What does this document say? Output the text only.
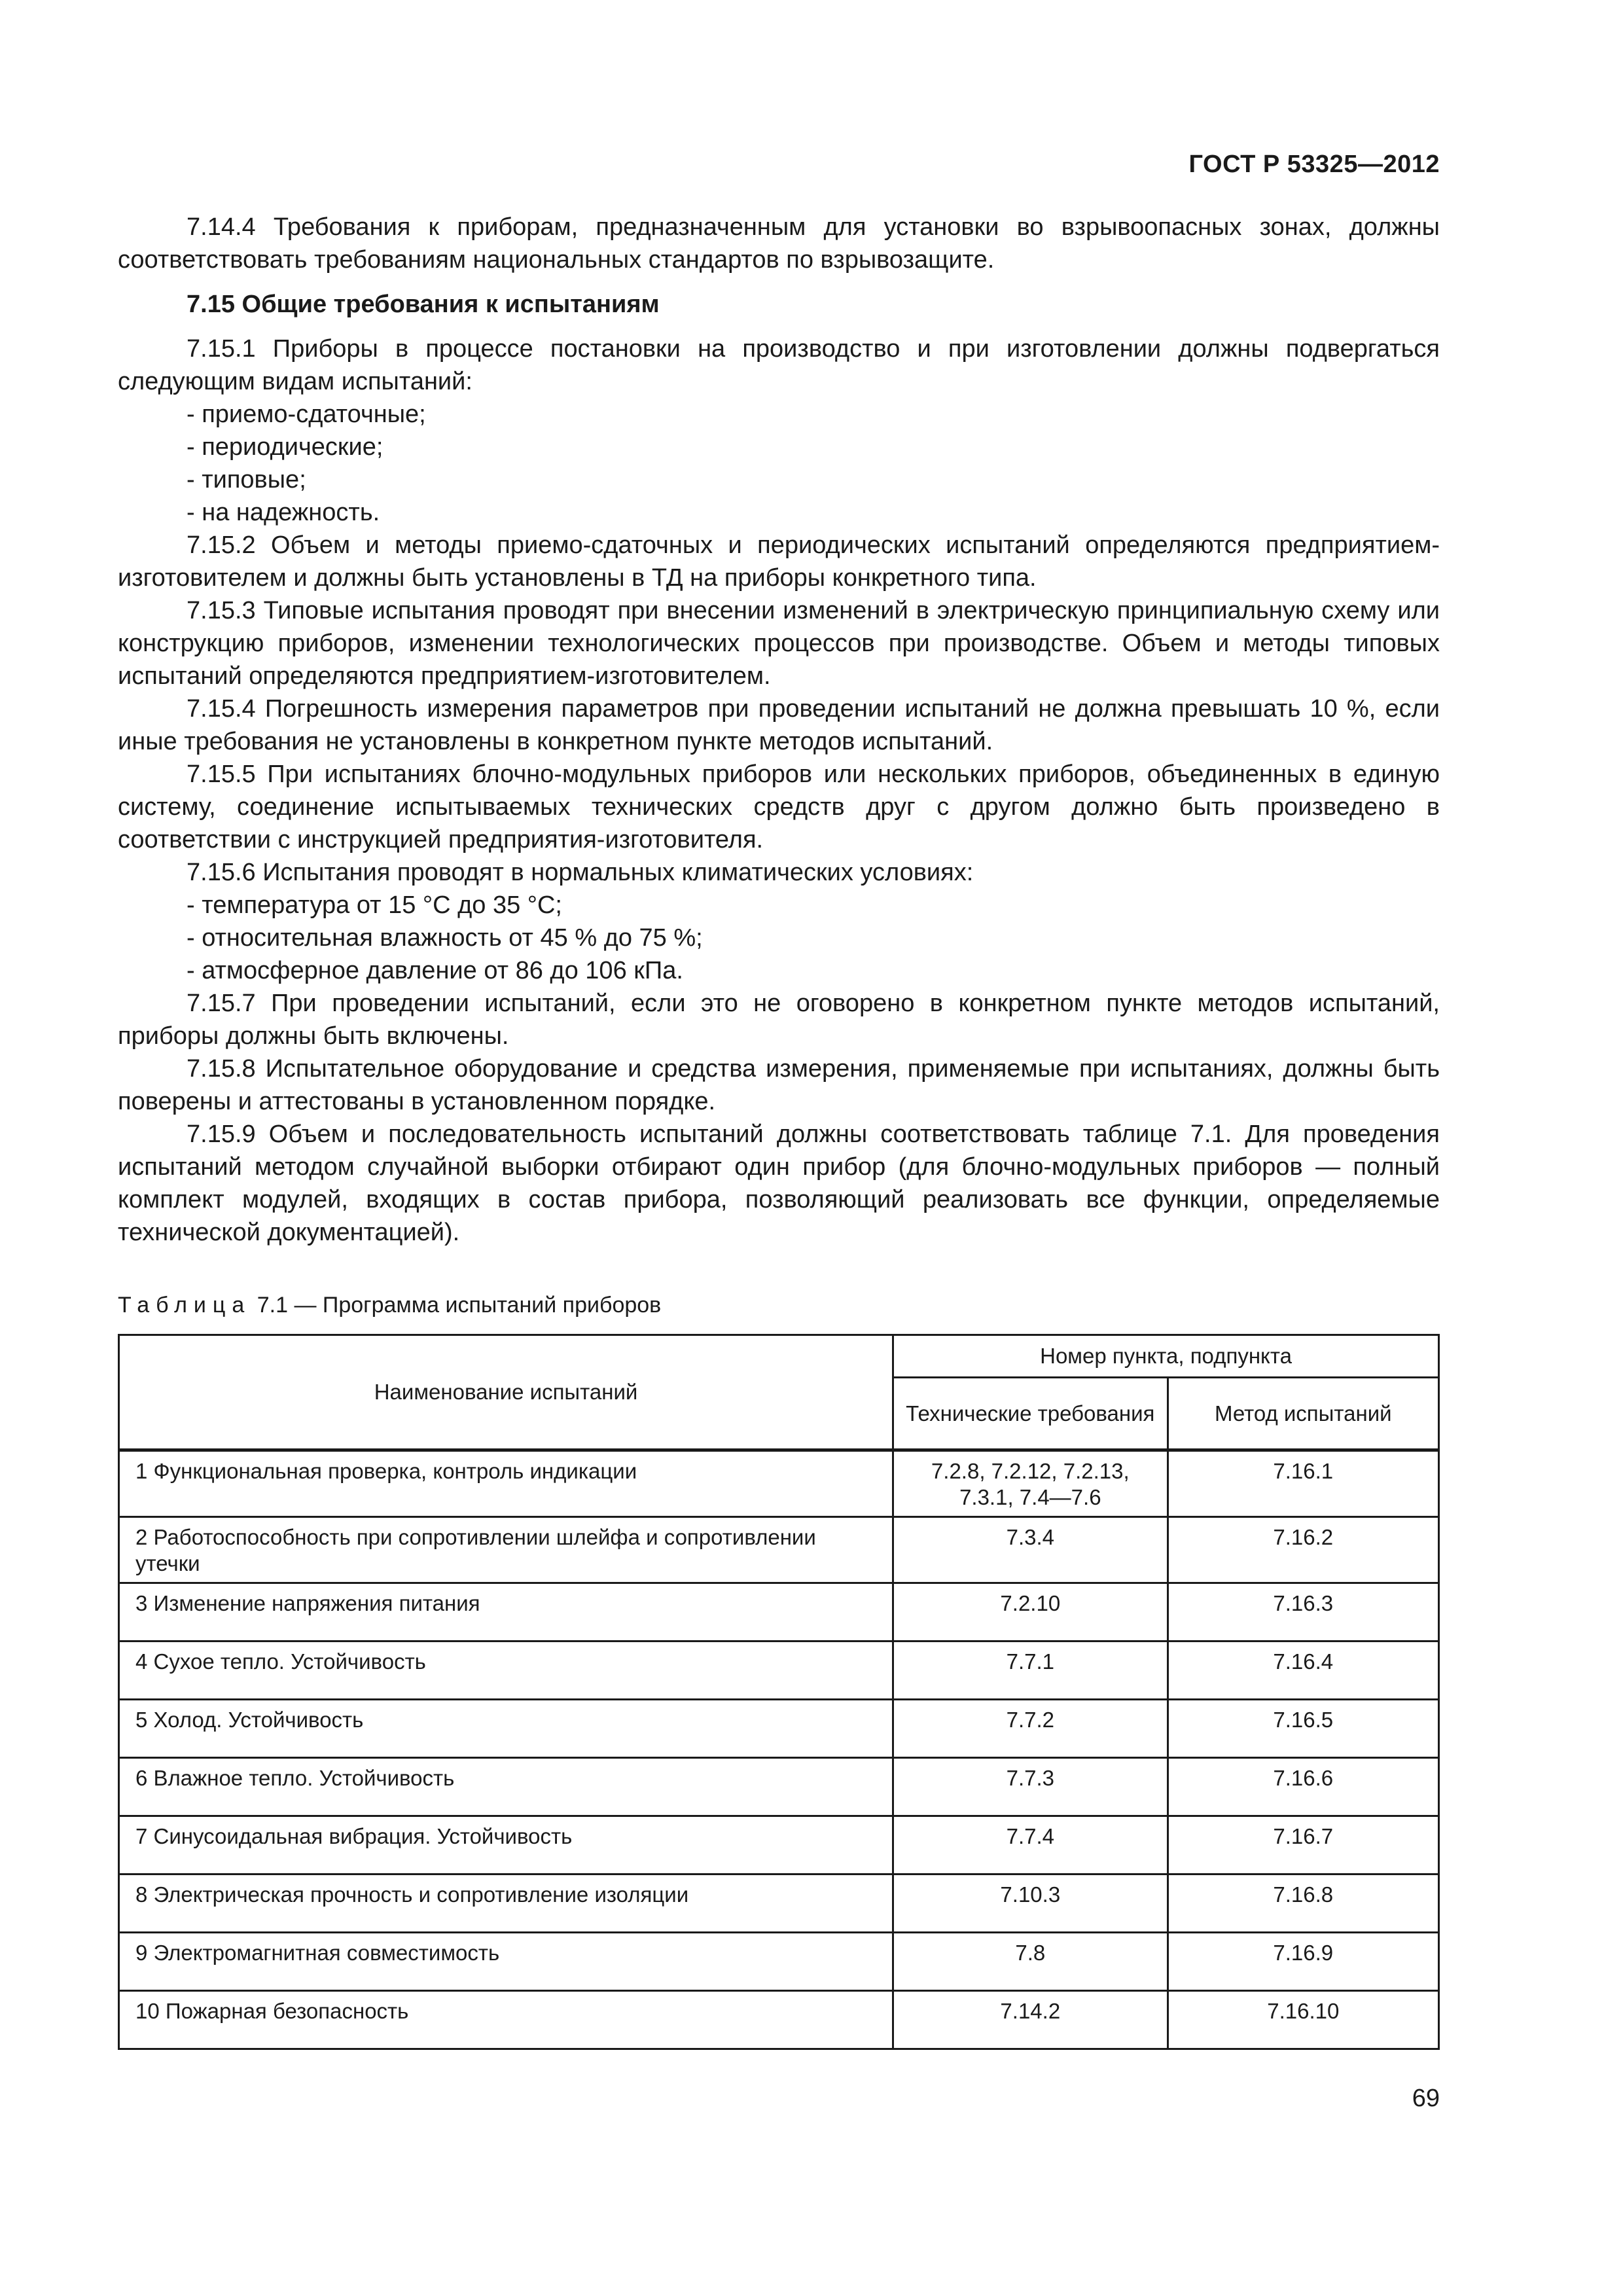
ГОСТ Р 53325—2012

7.14.4 Требования к приборам, предназначенным для установки во взрывоопасных зонах, должны соответствовать требованиям национальных стандартов по взрывозащите.

7.15 Общие требования к испытаниям

7.15.1 Приборы в процессе постановки на производство и при изготовлении должны подвергаться следующим видам испытаний:

- приемо-сдаточные;
- периодические;
- типовые;
- на надежность.

7.15.2 Объем и методы приемо-сдаточных и периодических испытаний определяются предприятием-изготовителем и должны быть установлены в ТД на приборы конкретного типа.

7.15.3 Типовые испытания проводят при внесении изменений в электрическую принципиальную схему или конструкцию приборов, изменении технологических процессов при производстве. Объем и методы типовых испытаний определяются предприятием-изготовителем.

7.15.4 Погрешность измерения параметров при проведении испытаний не должна превышать 10 %, если иные требования не установлены в конкретном пункте методов испытаний.

7.15.5 При испытаниях блочно-модульных приборов или нескольких приборов, объединенных в единую систему, соединение испытываемых технических средств друг с другом должно быть произведено в соответствии с инструкцией предприятия-изготовителя.

7.15.6 Испытания проводят в нормальных климатических условиях:

- температура от 15 °С до 35 °С;
- относительная влажность от 45 % до 75 %;
- атмосферное давление от 86 до 106 кПа.

7.15.7 При проведении испытаний, если это не оговорено в конкретном пункте методов испытаний, приборы должны быть включены.

7.15.8 Испытательное оборудование и средства измерения, применяемые при испытаниях, должны быть поверены и аттестованы в установленном порядке.

7.15.9 Объем и последовательность испытаний должны соответствовать таблице 7.1. Для проведения испытаний методом случайной выборки отбирают один прибор (для блочно-модульных приборов — полный комплект модулей, входящих в состав прибора, позволяющий реализовать все функции, определяемые технической документацией).

Таблица 7.1 — Программа испытаний приборов
Наименование испытаний	Номер пункта, подпункта	
	Технические требования	Метод испытаний
1 Функциональная проверка, контроль индикации	7.2.8, 7.2.12, 7.2.13, 7.3.1, 7.4—7.6	7.16.1
2 Работоспособность при сопротивлении шлейфа и сопротивлении утечки	7.3.4	7.16.2
3 Изменение напряжения питания	7.2.10	7.16.3
4 Сухое тепло. Устойчивость	7.7.1	7.16.4
5 Холод. Устойчивость	7.7.2	7.16.5
6 Влажное тепло. Устойчивость	7.7.3	7.16.6
7 Синусоидальная вибрация. Устойчивость	7.7.4	7.16.7
8 Электрическая прочность и сопротивление изоляции	7.10.3	7.16.8
9 Электромагнитная совместимость	7.8	7.16.9
10 Пожарная безопасность	7.14.2	7.16.10
69
